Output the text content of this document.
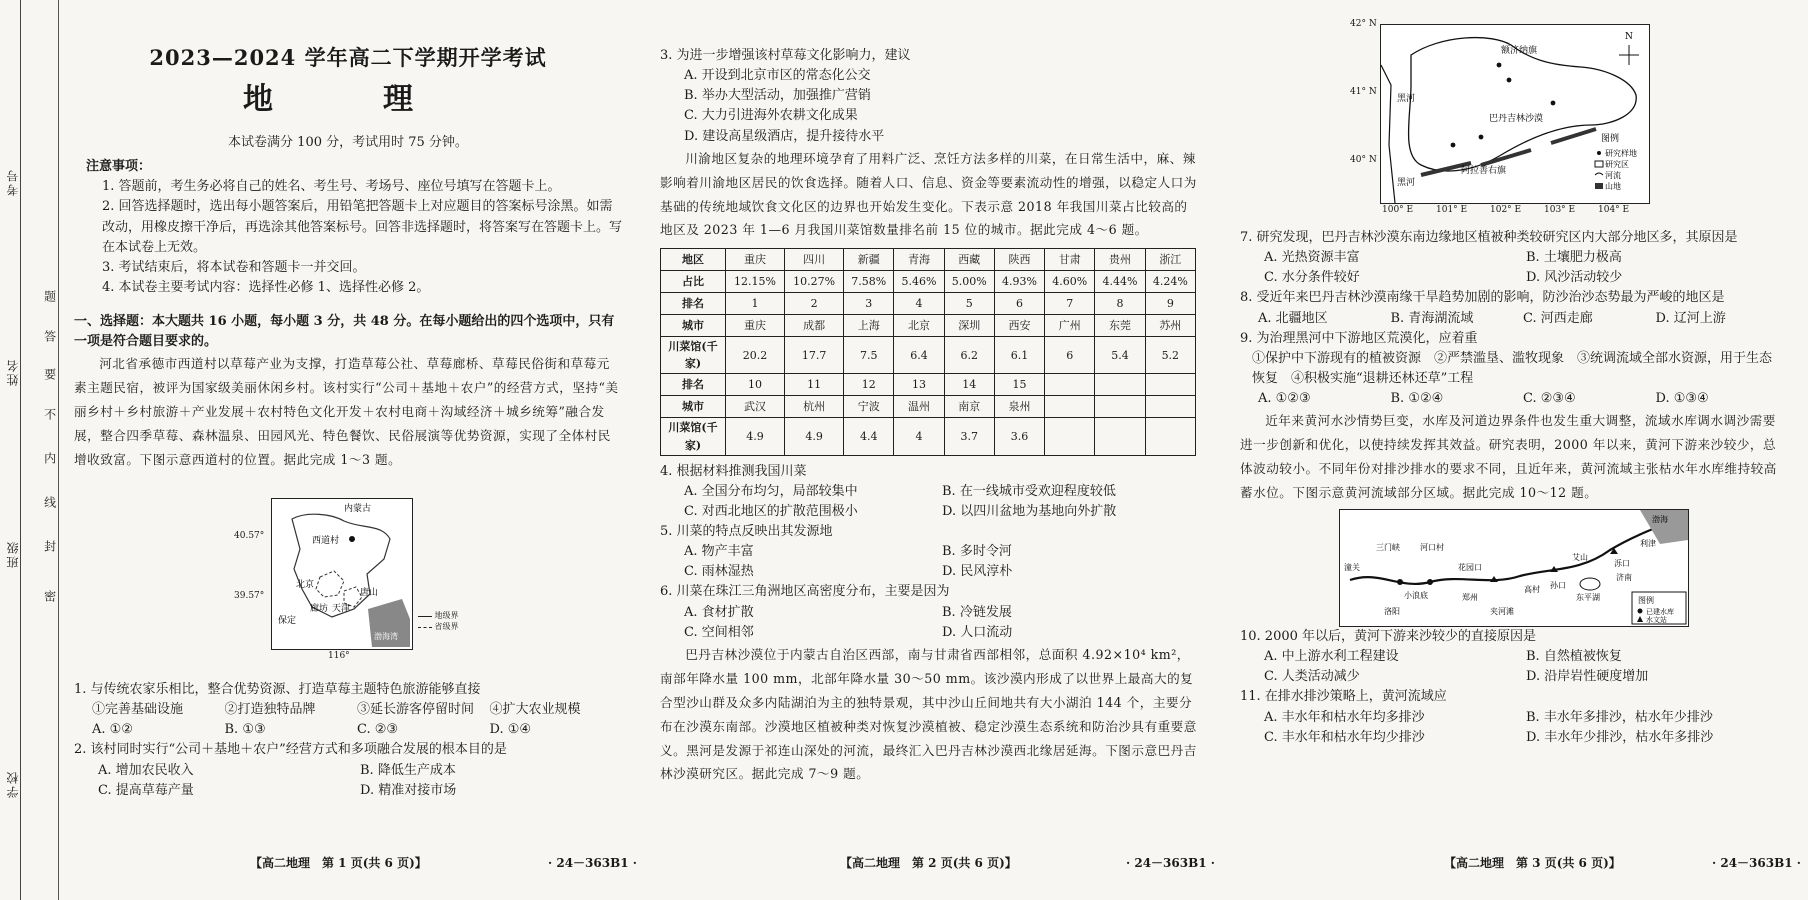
考号
姓名
班级
学校
密
封
线
内
不
要
答
题
2023—2024 学年高二下学期开学考试
地　理

本试卷满分 100 分，考试用时 75 分钟。

注意事项：

1. 答题前，考生务必将自己的姓名、考生号、考场号、座位号填写在答题卡上。

2. 回答选择题时，选出每小题答案后，用铅笔把答题卡上对应题目的答案标号涂黑。如需改动，用橡皮擦干净后，再选涂其他答案标号。回答非选择题时，将答案写在答题卡上。写在本试卷上无效。

3. 考试结束后，将本试卷和答题卡一并交回。

4. 本试卷主要考试内容：选择性必修 1、选择性必修 2。

一、选择题：本大题共 16 小题，每小题 3 分，共 48 分。在每小题给出的四个选项中，只有一项是符合题目要求的。

河北省承德市西道村以草莓产业为支撑，打造草莓公社、草莓廊桥、草莓民俗街和草莓元素主题民宿，被评为国家级美丽休闲乡村。该村实行“公司＋基地＋农户”的经营方式，坚持“美丽乡村＋乡村旅游＋产业发展＋农村特色文化开发＋农村电商＋沟域经济＋城乡统筹”融合发展，整合四季草莓、森林温泉、田园风光、特色餐饮、民俗展演等优势资源，实现了全体村民增收致富。下图示意西道村的位置。据此完成 1～3 题。

内蒙古
西道村
北京
唐山
廊坊 天津
保定
渤海湾
40.57°
39.57°
116°
地级界
省级界

1. 与传统农家乐相比，整合优势资源、打造草莓主题特色旅游能够直接

①完善基础设施	②打造独特品牌	③延长游客停留时间	④扩大农业规模
A. ①②	B. ①③	C. ②③	D. ①④

2. 该村同时实行“公司＋基地＋农户”经营方式和多项融合发展的根本目的是

A. 增加农民收入	B. 降低生产成本
C. 提高草莓产量	D. 精准对接市场
【高二地理　第 1 页(共 6 页)】	· 24－363B1 ·

3. 为进一步增强该村草莓文化影响力，建议

A. 开设到北京市区的常态化公交

B. 举办大型活动，加强推广营销

C. 大力引进海外农耕文化成果

D. 建设高星级酒店，提升接待水平

川渝地区复杂的地理环境孕育了用料广泛、烹饪方法多样的川菜，在日常生活中，麻、辣影响着川渝地区居民的饮食选择。随着人口、信息、资金等要素流动性的增强，以稳定人口为基础的传统地域饮食文化区的边界也开始发生变化。下表示意 2018 年我国川菜占比较高的地区及 2023 年 1—6 月我国川菜馆数量排名前 15 位的城市。据此完成 4～6 题。

地区	重庆	四川	新疆	青海	西藏	陕西	甘肃	贵州	浙江
占比	12.15%	10.27%	7.58%	5.46%	5.00%	4.93%	4.60%	4.44%	4.24%
排名	1	2	3	4	5	6	7	8	9
城市	重庆	成都	上海	北京	深圳	西安	广州	东莞	苏州
川菜馆(千家)	20.2	17.7	7.5	6.4	6.2	6.1	6	5.4	5.2
排名	10	11	12	13	14	15			
城市	武汉	杭州	宁波	温州	南京	泉州			
川菜馆(千家)	4.9	4.9	4.4	4	3.7	3.6			

4. 根据材料推测我国川菜

A. 全国分布均匀，局部较集中	B. 在一线城市受欢迎程度较低
C. 对西北地区的扩散范围极小	D. 以四川盆地为基地向外扩散

5. 川菜的特点反映出其发源地

A. 物产丰富	B. 多时令河
C. 雨林湿热	D. 民风淳朴

6. 川菜在珠江三角洲地区高密度分布，主要是因为

A. 食材扩散	B. 冷链发展
C. 空间相邻	D. 人口流动

巴丹吉林沙漠位于内蒙古自治区西部，南与甘肃省西部相邻，总面积 4.92×10⁴ km²，南部年降水量 100 mm，北部年降水量 30～50 mm。该沙漠内形成了以世界上最高大的复合型沙山群及众多内陆湖泊为主的独特景观，其中沙山丘间地共有大小湖泊 144 个，主要分布在沙漠东南部。沙漠地区植被种类对恢复沙漠植被、稳定沙漠生态系统和防治沙具有重要意义。黑河是发源于祁连山深处的河流，最终汇入巴丹吉林沙漠西北缘居延海。下图示意巴丹吉林沙漠研究区。据此完成 7～9 题。

【高二地理　第 2 页(共 6 页)】	· 24－363B1 ·
额济纳旗
黑河
黑河
巴丹吉林沙漠
阿拉善右旗
N
图例
研究样地
研究区
河流
山地
42° N
41° N
40° N
100° E	101° E	102° E	103° E	104° E

7. 研究发现，巴丹吉林沙漠东南边缘地区植被种类较研究区内大部分地区多，其原因是

A. 光热资源丰富	B. 土壤肥力极高
C. 水分条件较好	D. 风沙活动较少

8. 受近年来巴丹吉林沙漠南缘干旱趋势加剧的影响，防沙治沙态势最为严峻的地区是

A. 北疆地区	B. 青海湖流域	C. 河西走廊	D. 辽河上游

9. 为治理黑河中下游地区荒漠化，应着重

①保护中下游现有的植被资源　②严禁滥垦、滥牧现象　③统调流域全部水资源，用于生态

恢复　④积极实施“退耕还林还草”工程

A. ①②③	B. ①②④	C. ②③④	D. ①③④

近年来黄河水沙情势巨变，水库及河道边界条件也发生重大调整，流域水库调水调沙需要进一步创新和优化，以使持续发挥其效益。研究表明，2000 年以来，黄河下游来沙较少，总体波动较小。不同年份对排沙排水的要求不同，且近年来，黄河流域主张枯水年水库维持较高蓄水位。下图示意黄河流域部分区域。据此完成 10～12 题。

渤海
利津
泺口
济南
艾山
东平湖
三门峡	河口村
小浪底
花园口
郑州
夹河滩
高村 孙口
潼关
洛阳
图例
已建水库
水文站

10. 2000 年以后，黄河下游来沙较少的直接原因是

A. 中上游水利工程建设	B. 自然植被恢复
C. 人类活动减少	D. 沿岸岩性硬度增加

11. 在排水排沙策略上，黄河流域应

A. 丰水年和枯水年均多排沙	B. 丰水年多排沙，枯水年少排沙
C. 丰水年和枯水年均少排沙	D. 丰水年少排沙，枯水年多排沙
【高二地理　第 3 页(共 6 页)】	· 24－363B1 ·
